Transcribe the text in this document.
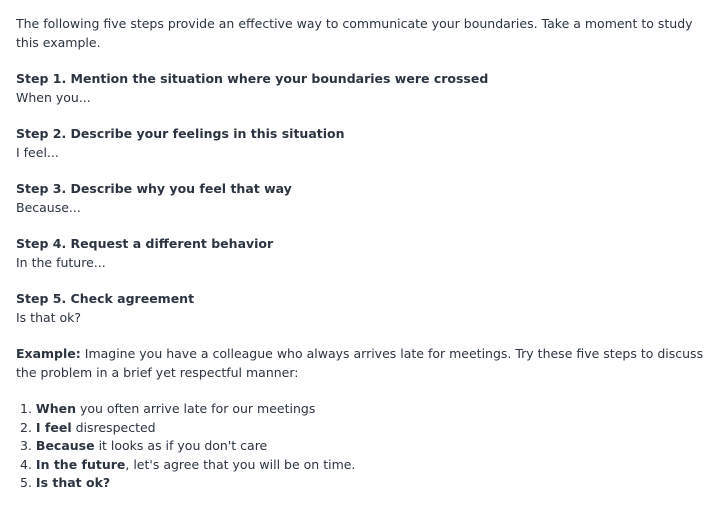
The following five steps provide an effective way to communicate your boundaries. Take a moment to study this example.

Step 1. Mention the situation where your boundaries were crossed
When you...
Step 2. Describe your feelings in this situation
I feel...
Step 3. Describe why you feel that way
Because...
Step 4. Request a different behavior
In the future...
Step 5. Check agreement
Is that ok?

Example: Imagine you have a colleague who always arrives late for meetings. Try these five steps to discuss the problem in a brief yet respectful manner:

1. When you often arrive late for our meetings
2. I feel disrespected
3. Because it looks as if you don't care
4. In the future, let's agree that you will be on time.
5. Is that ok?
